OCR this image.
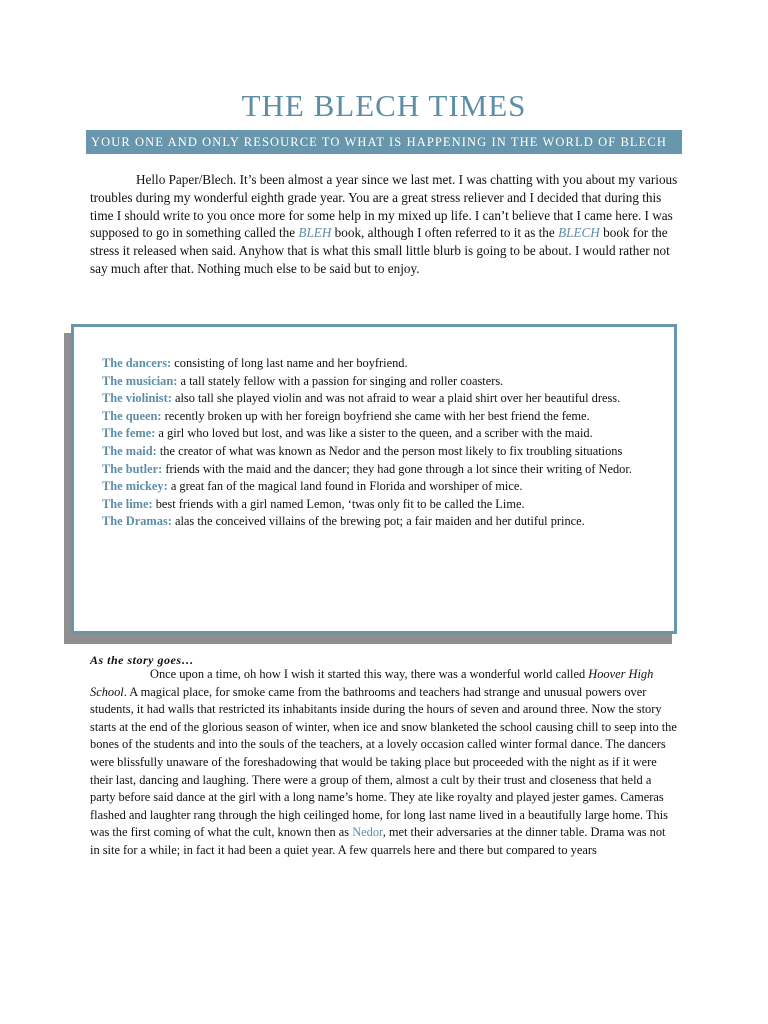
THE BLECH TIMES
YOUR ONE AND ONLY RESOURCE TO WHAT IS HAPPENING IN THE WORLD OF BLECH

Hello Paper/Blech. It’s been almost a year since we last met. I was chatting with you about my various troubles during my wonderful eighth grade year. You are a great stress reliever and I decided that during this time I should write to you once more for some help in my mixed up life. I can’t believe that I came here. I was supposed to go in something called the BLEH book, although I often referred to it as the BLECH book for the stress it released when said. Anyhow that is what this small little blurb is going to be about. I would rather not say much after that. Nothing much else to be said but to enjoy.

The dancers: consisting of long last name and her boyfriend.
The musician: a tall stately fellow with a passion for singing and roller coasters.
The violinist: also tall she played violin and was not afraid to wear a plaid shirt over her beautiful dress.
The queen: recently broken up with her foreign boyfriend she came with her best friend the feme.
The feme: a girl who loved but lost, and was like a sister to the queen, and a scriber with the maid.
The maid: the creator of what was known as Nedor and the person most likely to fix troubling situations
The butler: friends with the maid and the dancer; they had gone through a lot since their writing of Nedor.
The mickey: a great fan of the magical land found in Florida and worshiper of mice.
The lime: best friends with a girl named Lemon, ‘twas only fit to be called the Lime.
The Dramas: alas the conceived villains of the brewing pot; a fair maiden and her dutiful prince.
As the story goes…

Once upon a time, oh how I wish it started this way, there was a wonderful world called Hoover High School. A magical place, for smoke came from the bathrooms and teachers had strange and unusual powers over students, it had walls that restricted its inhabitants inside during the hours of seven and around three. Now the story starts at the end of the glorious season of winter, when ice and snow blanketed the school causing chill to seep into the bones of the students and into the souls of the teachers, at a lovely occasion called winter formal dance. The dancers were blissfully unaware of the foreshadowing that would be taking place but proceeded with the night as if it were their last, dancing and laughing. There were a group of them, almost a cult by their trust and closeness that held a party before said dance at the girl with a long name’s home. They ate like royalty and played jester games. Cameras flashed and laughter rang through the high ceilinged home, for long last name lived in a beautifully large home. This was the first coming of what the cult, known then as Nedor, met their adversaries at the dinner table. Drama was not in site for a while; in fact it had been a quiet year. A few quarrels here and there but compared to years
